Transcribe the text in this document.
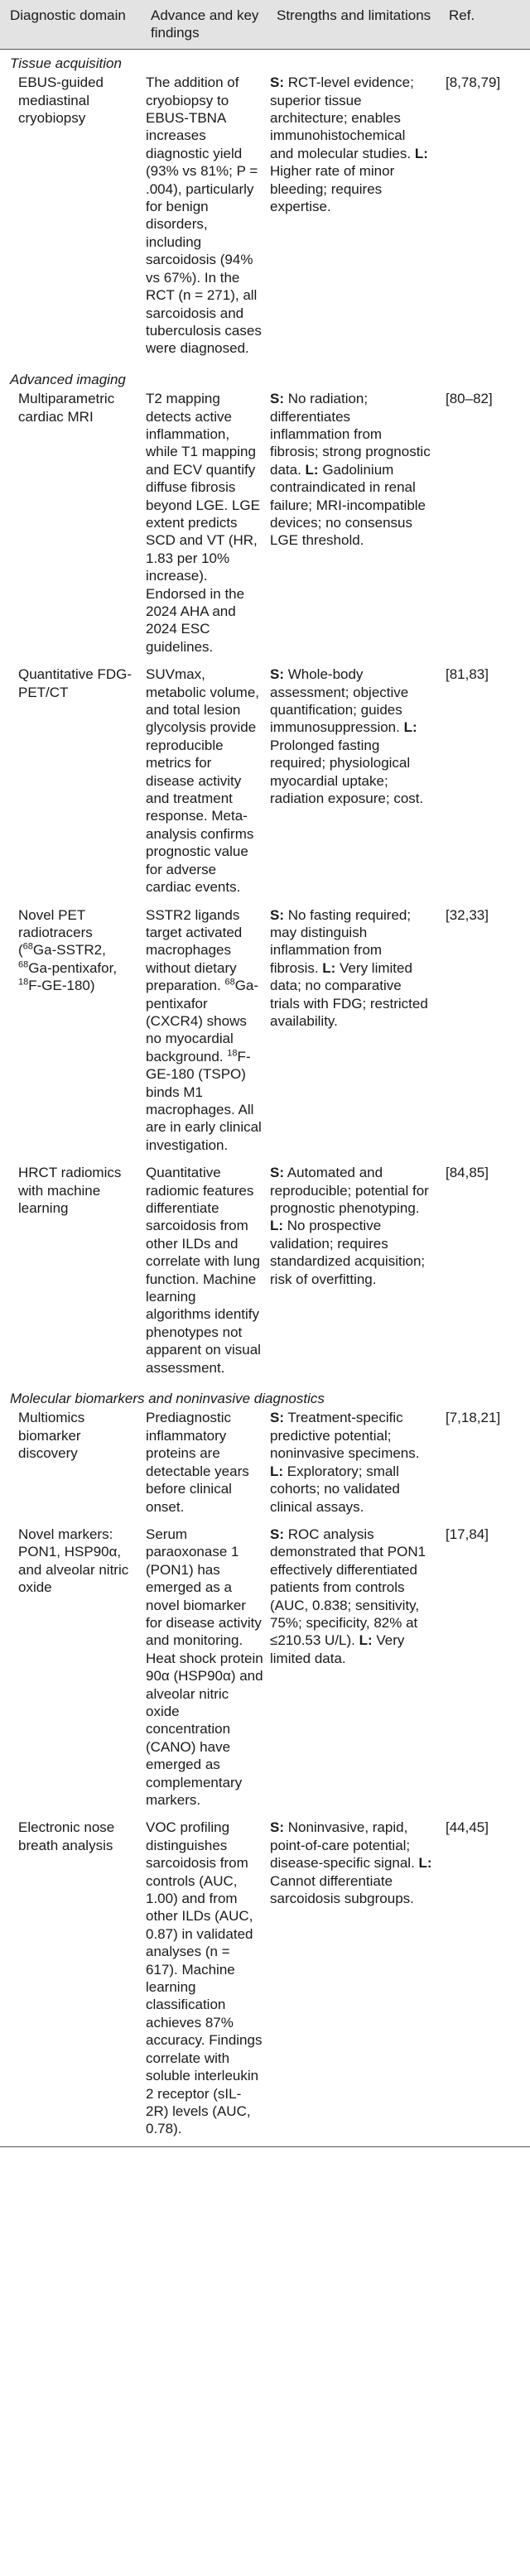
Diagnostic domain	Advance and key findings	Strengths and limitations	Ref.
Tissue acquisition			
EBUS-guided mediastinal cryobiopsy	The addition of cryobiopsy to EBUS-TBNA increases diagnostic yield (93% vs 81%; P = .004), particularly for benign disorders, including sarcoidosis (94% vs 67%). In the RCT (n = 271), all sarcoidosis and tuberculosis cases were diagnosed.	S: RCT-level evidence; superior tissue architecture; enables immunohistochemical and molecular studies. L: Higher rate of minor bleeding; requires expertise.	[8,78,79]
Advanced imaging			
Multiparametric cardiac MRI	T2 mapping detects active inflammation, while T1 mapping and ECV quantify diffuse fibrosis beyond LGE. LGE extent predicts SCD and VT (HR, 1.83 per 10% increase). Endorsed in the 2024 AHA and 2024 ESC guidelines.	S: No radiation; differentiates inflammation from fibrosis; strong prognostic data. L: Gadolinium contraindicated in renal failure; MRI-incompatible devices; no consensus LGE threshold.	[80–82]
Quantitative FDG-PET/CT	SUVmax, metabolic volume, and total lesion glycolysis provide reproducible metrics for disease activity and treatment response. Meta-analysis confirms prognostic value for adverse cardiac events.	S: Whole-body assessment; objective quantification; guides immunosuppression. L: Prolonged fasting required; physiological myocardial uptake; radiation exposure; cost.	[81,83]
Novel PET radiotracers ($^{68}$Ga-SSTR2, $^{68}$Ga-pentixafor, $^{18}$F-GE-180)	SSTR2 ligands target activated macrophages without dietary preparation. $^{68}$Ga-pentixafor (CXCR4) shows no myocardial background. $^{18}$F-GE-180 (TSPO) binds M1 macrophages. All are in early clinical investigation.	S: No fasting required; may distinguish inflammation from fibrosis. L: Very limited data; no comparative trials with FDG; restricted availability.	[32,33]
HRCT radiomics with machine learning	Quantitative radiomic features differentiate sarcoidosis from other ILDs and correlate with lung function. Machine learning algorithms identify phenotypes not apparent on visual assessment.	S: Automated and reproducible; potential for prognostic phenotyping. L: No prospective validation; requires standardized acquisition; risk of overfitting.	[84,85]
Molecular biomarkers and noninvasive diagnostics			
Multiomics biomarker discovery	Prediagnostic inflammatory proteins are detectable years before clinical onset.	S: Treatment-specific predictive potential; noninvasive specimens. L: Exploratory; small cohorts; no validated clinical assays.	[7,18,21]
Novel markers: PON1, HSP90α, and alveolar nitric oxide	Serum paraoxonase 1 (PON1) has emerged as a novel biomarker for disease activity and monitoring. Heat shock protein 90α (HSP90α) and alveolar nitric oxide concentration (CANO) have emerged as complementary markers.	S: ROC analysis demonstrated that PON1 effectively differentiated patients from controls (AUC, 0.838; sensitivity, 75%; specificity, 82% at ≤210.53 U/L). L: Very limited data.	[17,84]
Electronic nose breath analysis	VOC profiling distinguishes sarcoidosis from controls (AUC, 1.00) and from other ILDs (AUC, 0.87) in validated analyses (n = 617). Machine learning classification achieves 87% accuracy. Findings correlate with soluble interleukin 2 receptor (sIL-2R) levels (AUC, 0.78).	S: Noninvasive, rapid, point-of-care potential; disease-specific signal. L: Cannot differentiate sarcoidosis subgroups.	[44,45]
